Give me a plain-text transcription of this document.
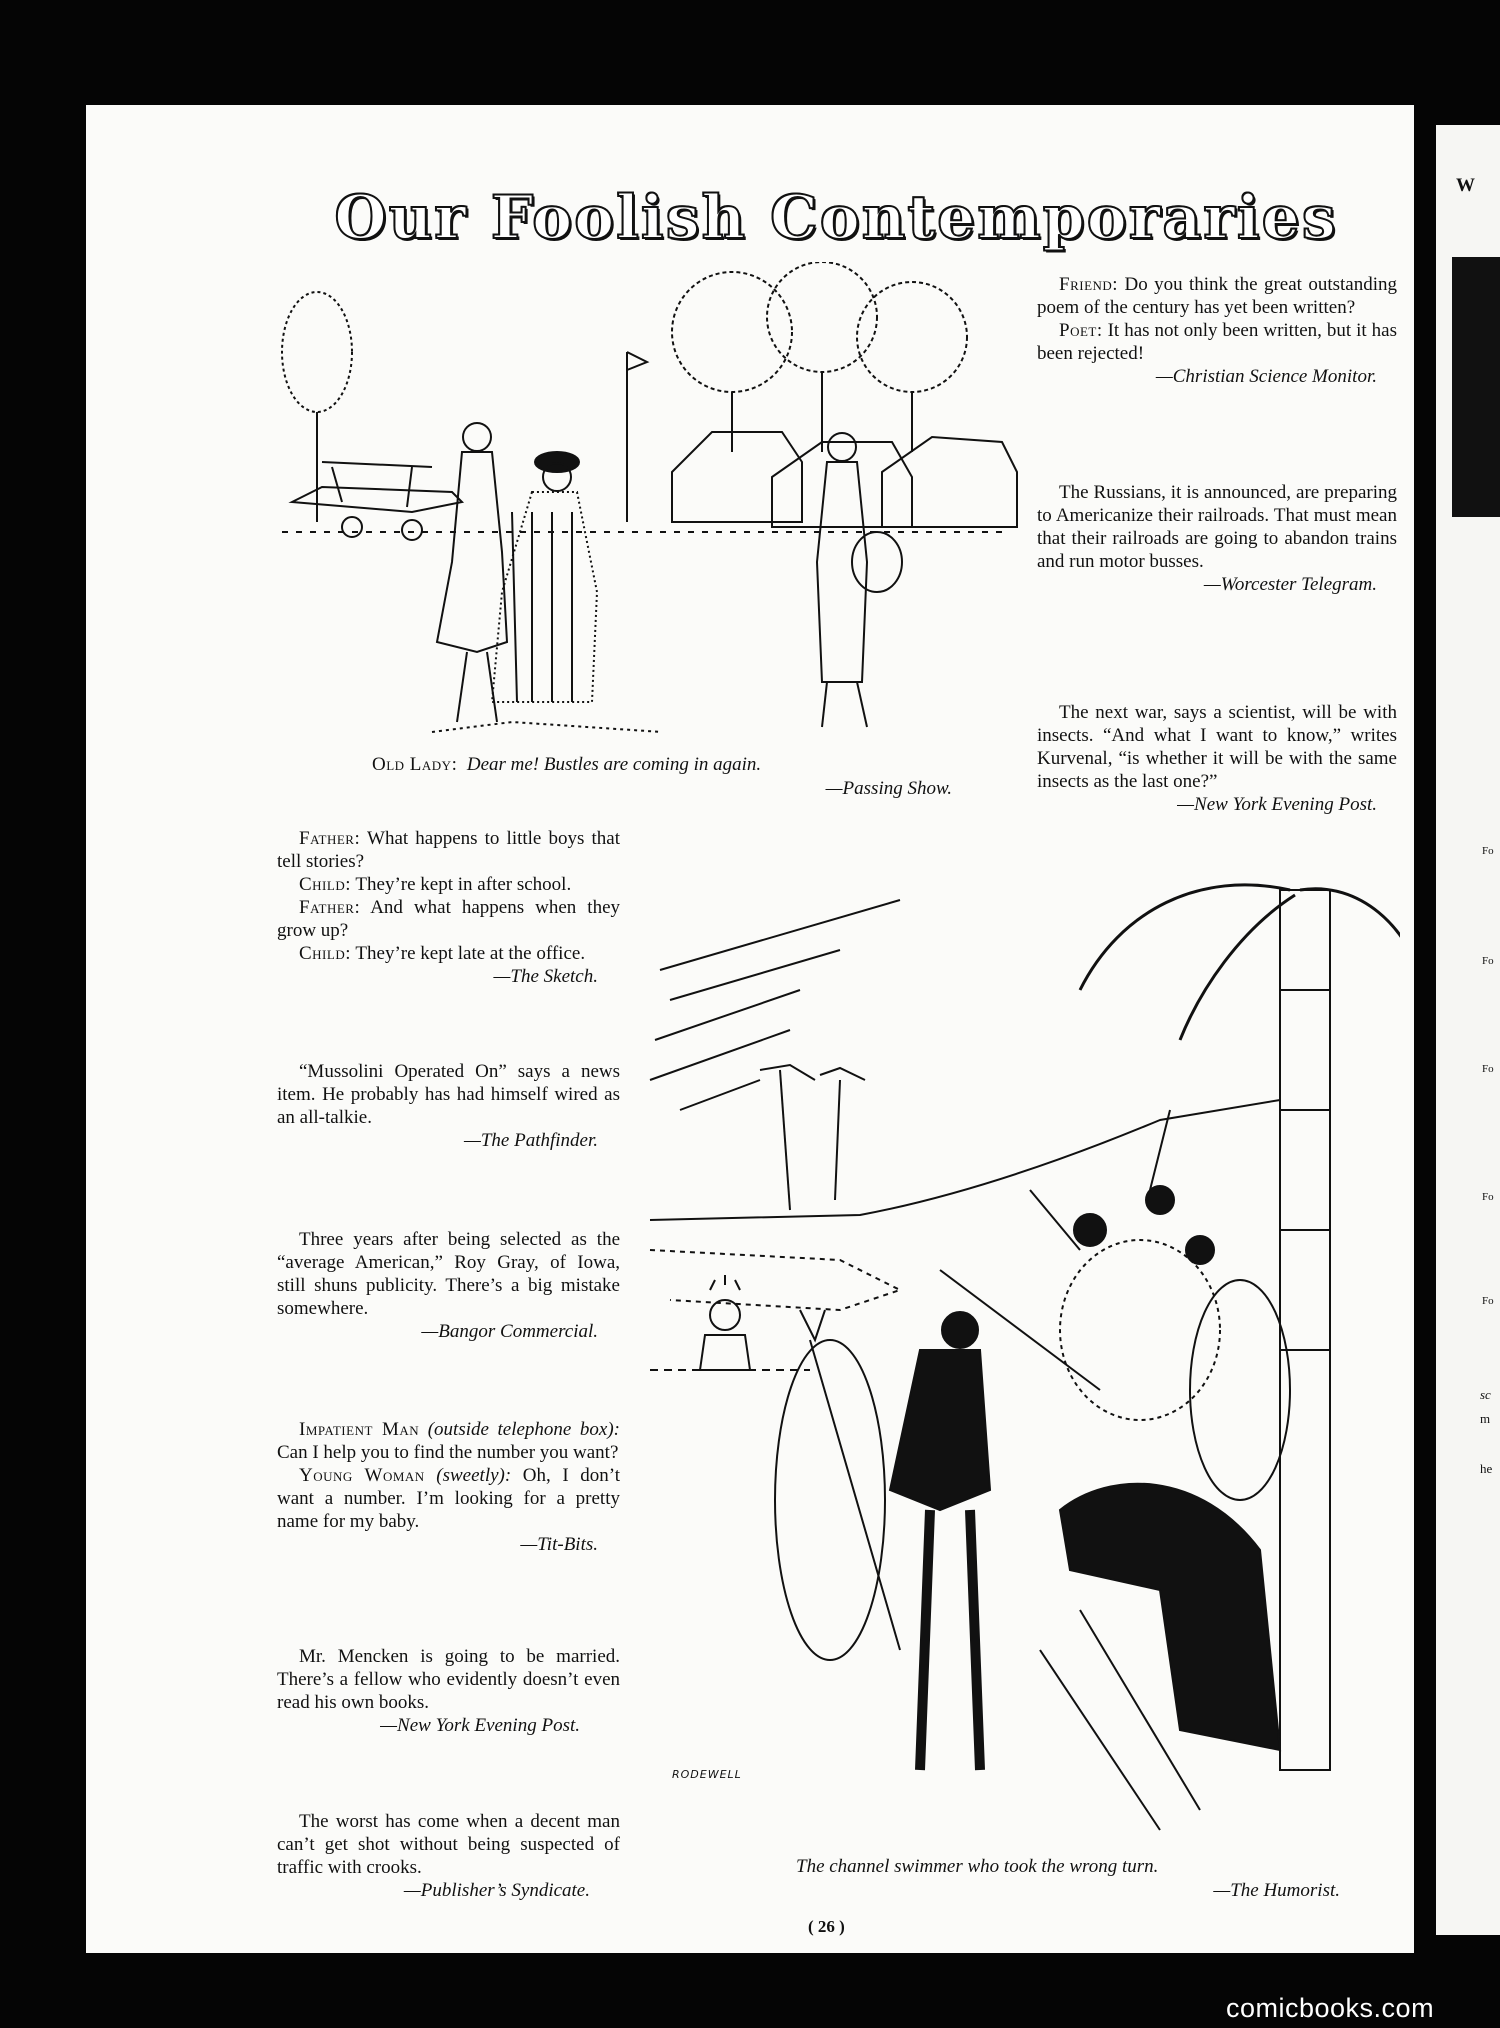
W
Fo
Fo
Fo
Fo
Fo
sc
m
he
Our Foolish Contemporaries
Old Lady: Dear me! Bustles are coming in again.
—Passing Show.

Friend: Do you think the great outstanding poem of the century has yet been written?

Poet: It has not only been written, but it has been rejected!

—Christian Science Monitor.

The Russians, it is announced, are preparing to Americanize their railroads. That must mean that their railroads are going to abandon trains and run motor busses.

—Worcester Telegram.

The next war, says a scientist, will be with insects. “And what I want to know,” writes Kurvenal, “is whether it will be with the same insects as the last one?”

—New York Evening Post.

Father: What happens to little boys that tell stories?

Child: They’re kept in after school.

Father: And what happens when they grow up?

Child: They’re kept late at the office.

—The Sketch.

“Mussolini Operated On” says a news item. He probably has had himself wired as an all-talkie.

—The Pathfinder.

Three years after being selected as the “average American,” Roy Gray, of Iowa, still shuns publicity. There’s a big mistake somewhere.

—Bangor Commercial.

Impatient Man (outside telephone box): Can I help you to find the number you want?

Young Woman (sweetly): Oh, I don’t want a number. I’m looking for a pretty name for my baby.

—Tit-Bits.

Mr. Mencken is going to be married. There’s a fellow who evidently doesn’t even read his own books.

—New York Evening Post.

The worst has come when a decent man can’t get shot without being suspected of traffic with crooks.

—Publisher’s Syndicate.

RODEWELL
The channel swimmer who took the wrong turn.
—The Humorist.
( 26 )
comicbooks.com
